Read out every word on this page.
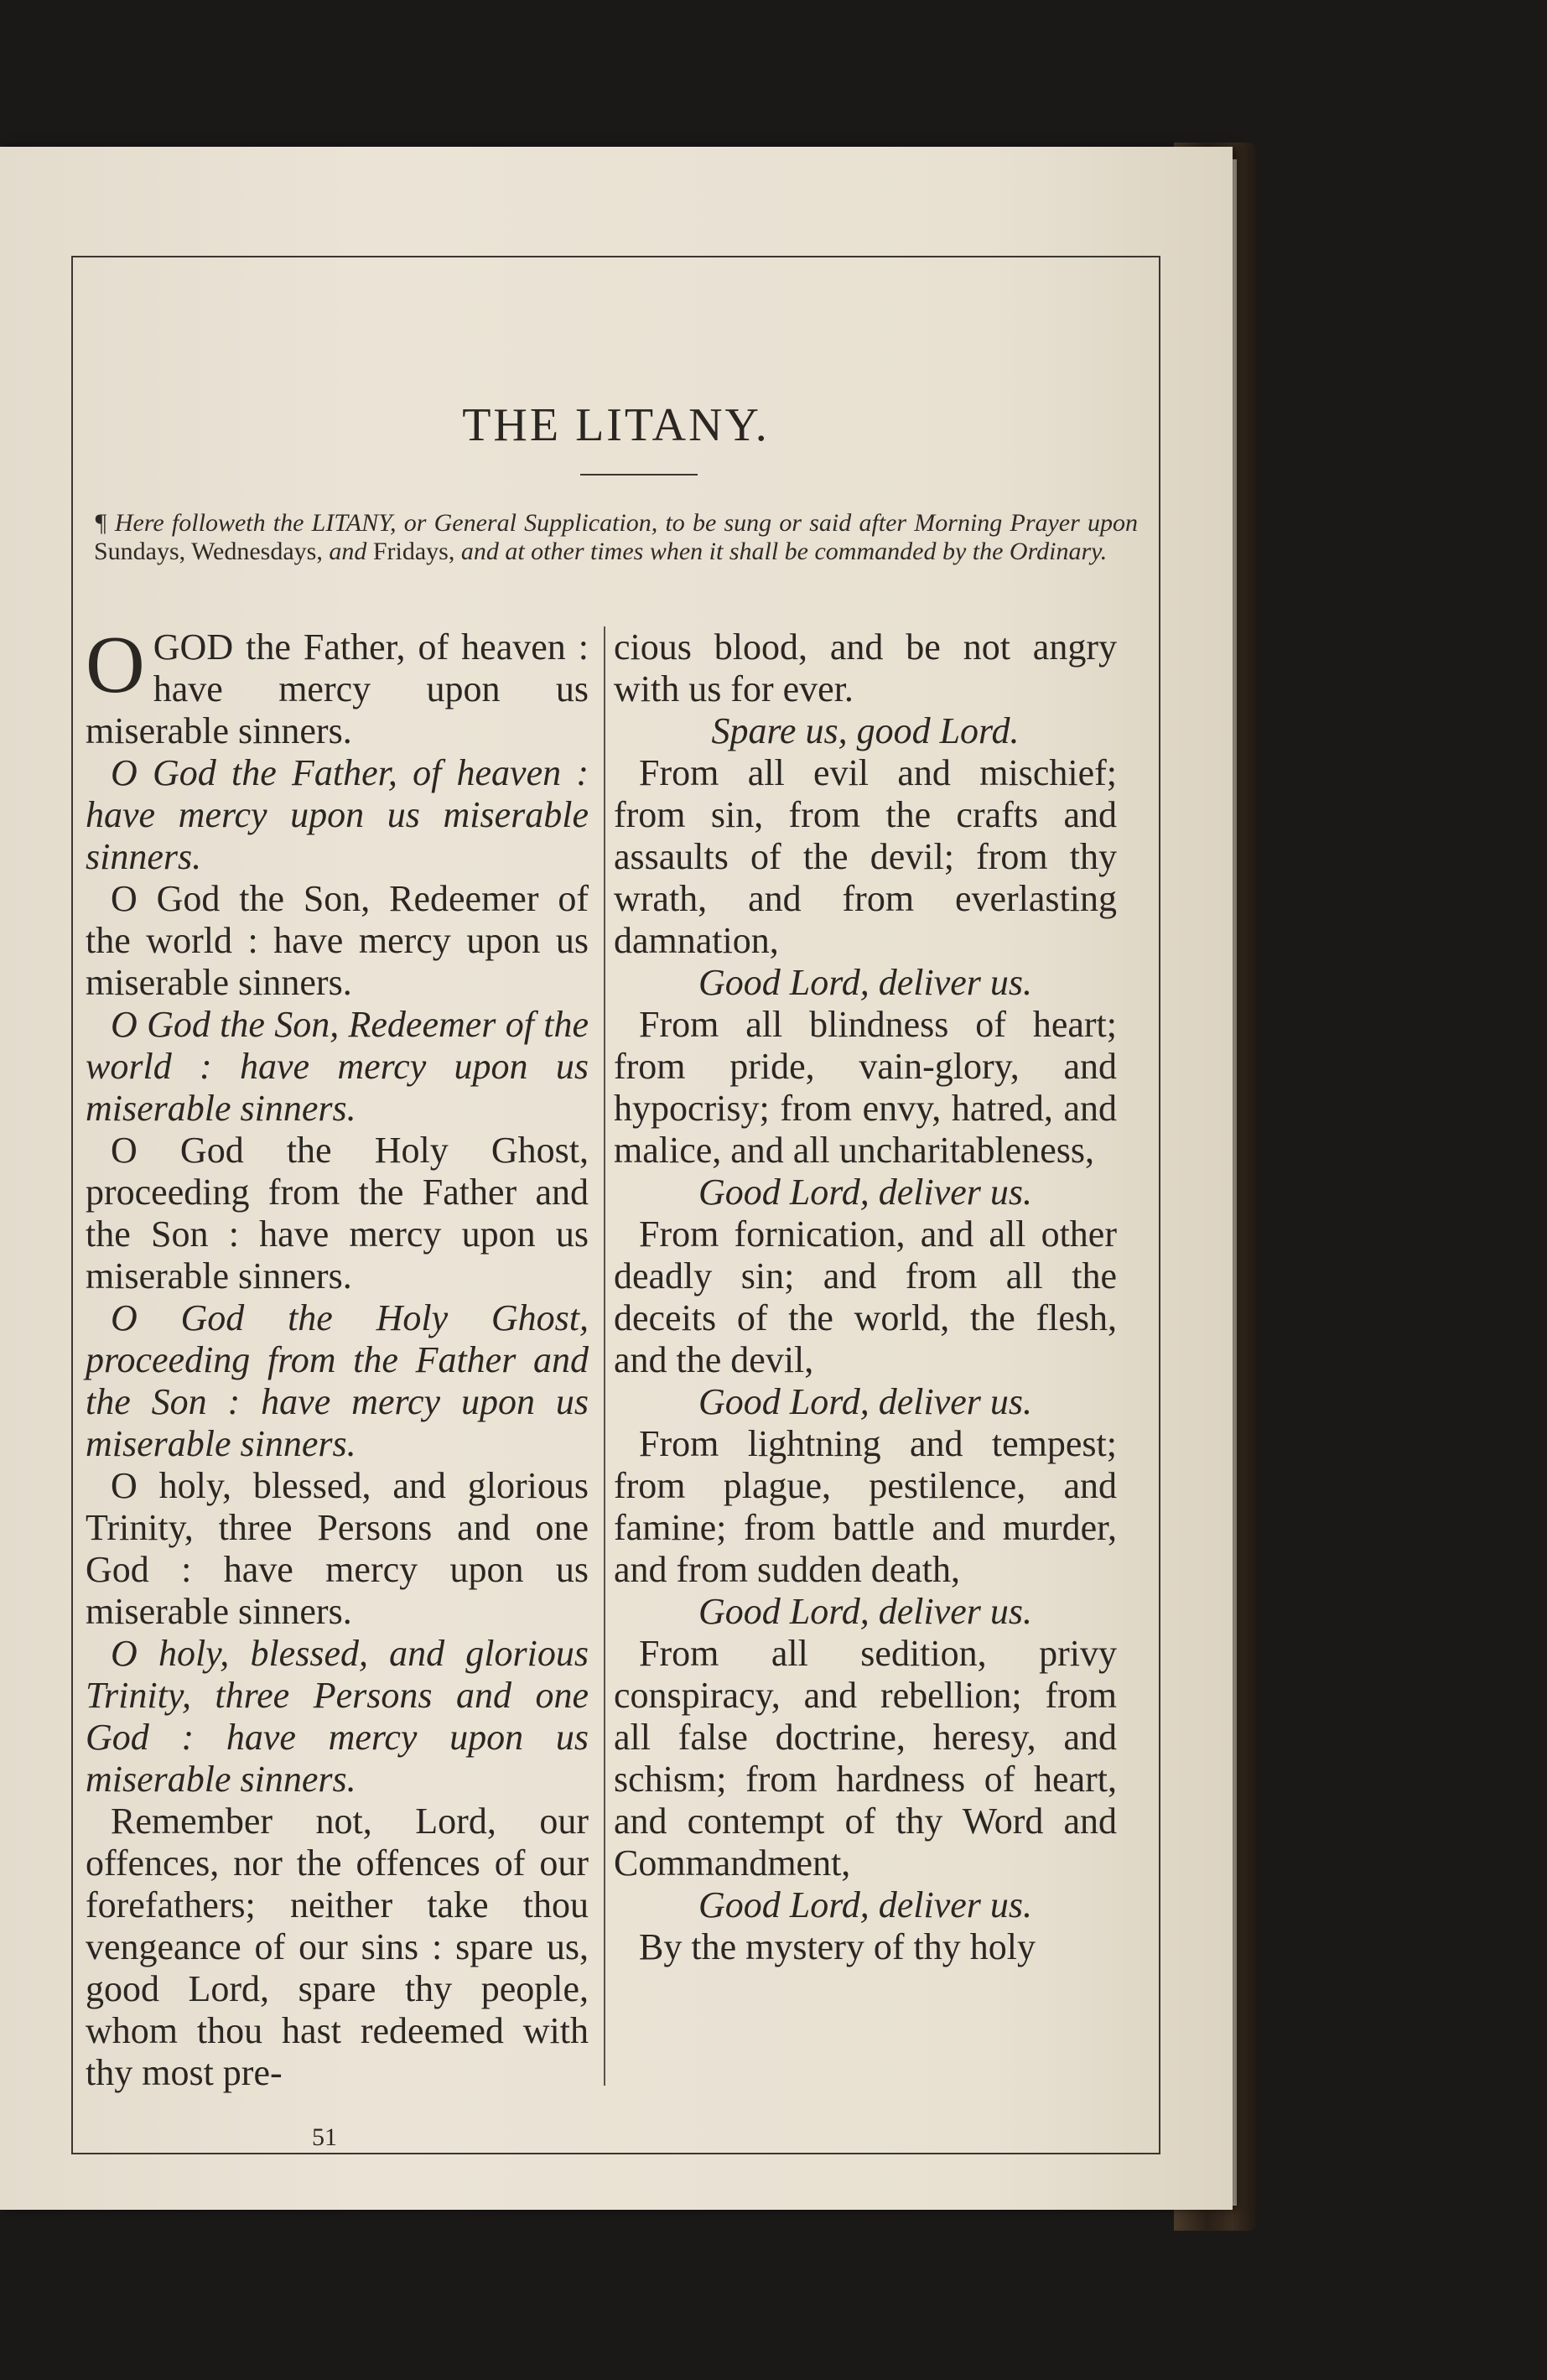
THE LITANY.

¶ Here followeth the LITANY, or General Supplication, to be sung or said after Morning Prayer upon Sundays, Wednesdays, and Fridays, and at other times when it shall be commanded by the Ordinary.

OGOD the Father, of heaven : have mercy upon us miserable sinners.

O God the Father, of heaven : have mercy upon us miserable sinners.

O God the Son, Redeemer of the world : have mercy upon us miserable sinners.

O God the Son, Redeemer of the world : have mercy upon us miserable sinners.

O God the Holy Ghost, proceeding from the Father and the Son : have mercy upon us miserable sinners.

O God the Holy Ghost, proceeding from the Father and the Son : have mercy upon us miserable sinners.

O holy, blessed, and glorious Trinity, three Persons and one God : have mercy upon us miserable sinners.

O holy, blessed, and glorious Trinity, three Persons and one God : have mercy upon us miserable sinners.

Remember not, Lord, our offences, nor the offences of our forefathers; neither take thou vengeance of our sins : spare us, good Lord, spare thy people, whom thou hast redeemed with thy most pre-

cious blood, and be not angry with us for ever.

Spare us, good Lord.

From all evil and mischief; from sin, from the crafts and assaults of the devil; from thy wrath, and from everlasting damnation,

Good Lord, deliver us.

From all blindness of heart; from pride, vain-glory, and hypocrisy; from envy, hatred, and malice, and all uncharitableness,

Good Lord, deliver us.

From fornication, and all other deadly sin; and from all the deceits of the world, the flesh, and the devil,

Good Lord, deliver us.

From lightning and tempest; from plague, pestilence, and famine; from battle and murder, and from sudden death,

Good Lord, deliver us.

From all sedition, privy conspiracy, and rebellion; from all false doctrine, heresy, and schism; from hardness of heart, and contempt of thy Word and Commandment,

Good Lord, deliver us.

By the mystery of thy holy

51
